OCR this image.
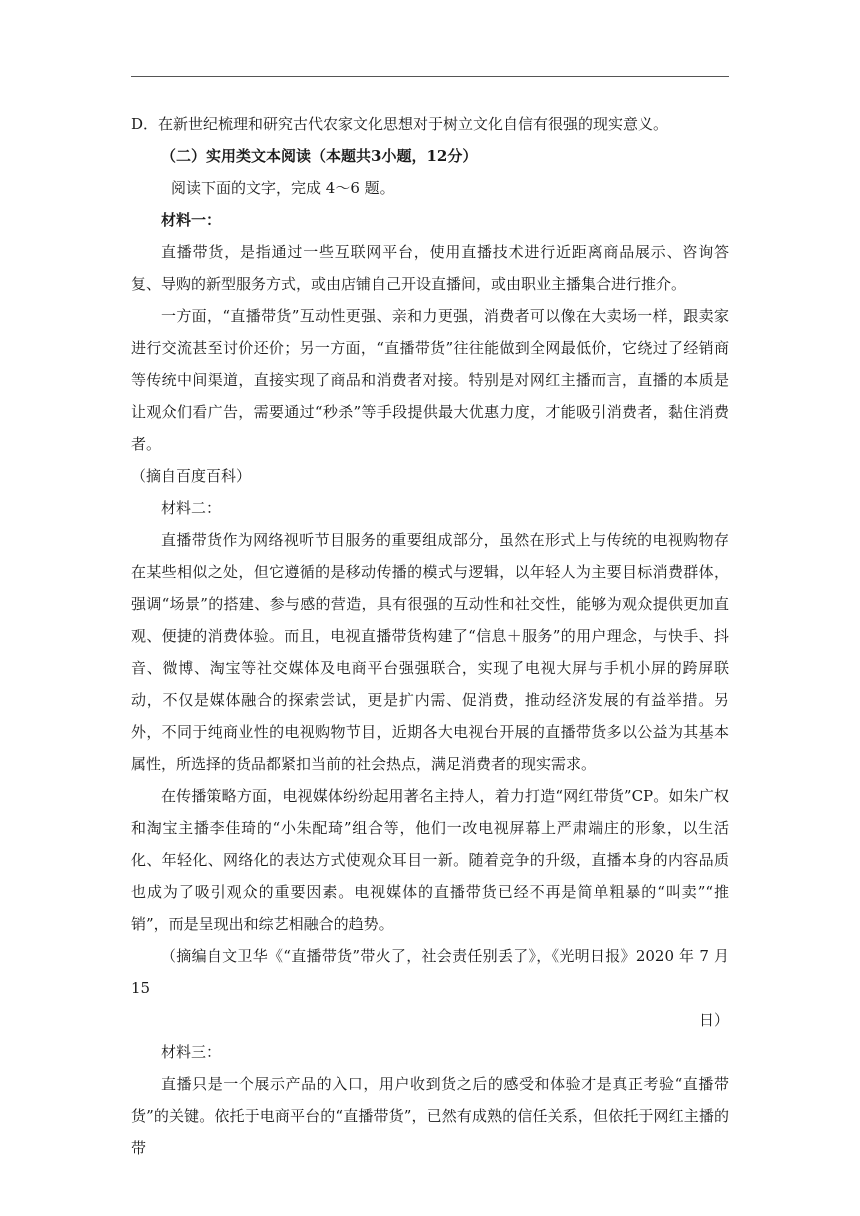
D．在新世纪梳理和研究古代农家文化思想对于树立文化自信有很强的现实意义。

（二）实用类文本阅读（本题共3小题，12分）

阅读下面的文字，完成 4～6 题。

材料一：

直播带货，是指通过一些互联网平台，使用直播技术进行近距离商品展示、咨询答复、导购的新型服务方式，或由店铺自己开设直播间，或由职业主播集合进行推介。

一方面，“直播带货”互动性更强、亲和力更强，消费者可以像在大卖场一样，跟卖家进行交流甚至讨价还价；另一方面，“直播带货”往往能做到全网最低价，它绕过了经销商等传统中间渠道，直接实现了商品和消费者对接。特别是对网红主播而言，直播的本质是让观众们看广告，需要通过“秒杀”等手段提供最大优惠力度，才能吸引消费者，黏住消费者。

（摘自百度百科）

材料二：

直播带货作为网络视听节目服务的重要组成部分，虽然在形式上与传统的电视购物存在某些相似之处，但它遵循的是移动传播的模式与逻辑，以年轻人为主要目标消费群体，强调“场景”的搭建、参与感的营造，具有很强的互动性和社交性，能够为观众提供更加直观、便捷的消费体验。而且，电视直播带货构建了“信息＋服务”的用户理念，与快手、抖音、微博、淘宝等社交媒体及电商平台强强联合，实现了电视大屏与手机小屏的跨屏联动，不仅是媒体融合的探索尝试，更是扩内需、促消费，推动经济发展的有益举措。另外，不同于纯商业性的电视购物节目，近期各大电视台开展的直播带货多以公益为其基本属性，所选择的货品都紧扣当前的社会热点，满足消费者的现实需求。

在传播策略方面，电视媒体纷纷起用著名主持人，着力打造“网红带货”CP。如朱广权和淘宝主播李佳琦的“小朱配琦”组合等，他们一改电视屏幕上严肃端庄的形象，以生活化、年轻化、网络化的表达方式使观众耳目一新。随着竞争的升级，直播本身的内容品质也成为了吸引观众的重要因素。电视媒体的直播带货已经不再是简单粗暴的“叫卖”“推销”，而是呈现出和综艺相融合的趋势。

（摘编自文卫华《“直播带货”带火了，社会责任别丢了》，《光明日报》2020 年 7 月 15

日）

材料三：

直播只是一个展示产品的入口，用户收到货之后的感受和体验才是真正考验“直播带货”的关键。依托于电商平台的“直播带货”，已然有成熟的信任关系，但依托于网红主播的带
